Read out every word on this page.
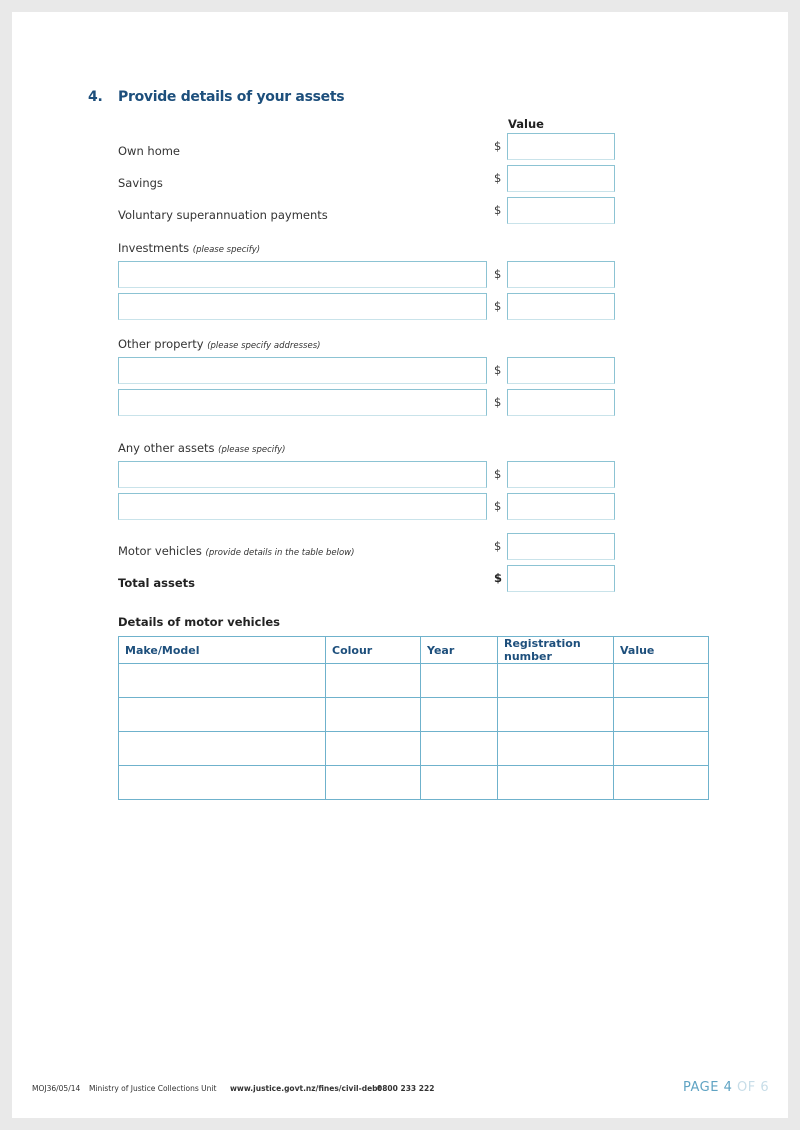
4. Provide details of your assets
Value
Own home	$
Savings	$
Voluntary superannuation payments	$
Investments (please specify)
$
$
Other property (please specify addresses)
$
$
Any other assets (please specify)
$
$
Motor vehicles (provide details in the table below)	$
Total assets	$
Details of motor vehicles
Make/Model	Colour	Year	Registration number	Value

MOJ36/05/14 Ministry of Justice Collections Unit www.justice.govt.nz/fines/civil-debt
0800 233 222	PAGE 4 OF 6
